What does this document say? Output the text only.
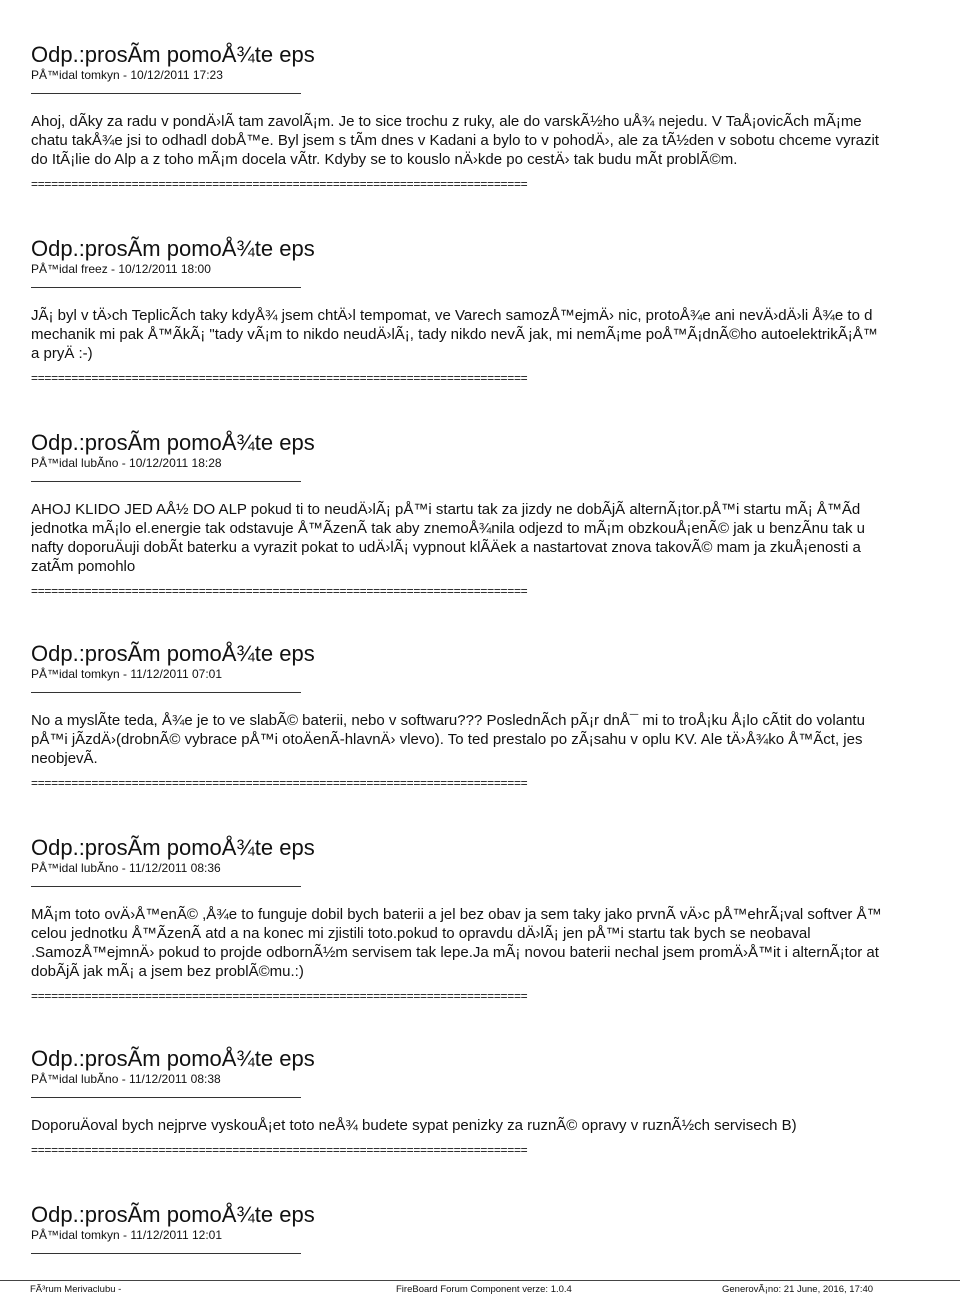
Odp.:prosÃm pomoÅ¾te eps
PÅ™idal tomkyn - 10/12/2011 17:23
Ahoj, dÃky za radu v pondÄ›lÃ tam zavolÃ¡m. Je to sice trochu z ruky, ale do varskÃ½ho uÅ¾ nejedu. V TaÅ¡ovicÃch mÃ¡me
chatu takÅ¾e jsi to odhadl dobÅ™e. Byl jsem s tÃm dnes v Kadani a bylo to v pohodÄ›, ale za tÃ½den v sobotu chceme vyrazit
do ItÃ¡lie do Alp a z toho mÃ¡m docela vÃtr. Kdyby se to kouslo nÄ›kde po cestÄ› tak budu mÃt problÃ©m.
==========================================================================
Odp.:prosÃm pomoÅ¾te eps
PÅ™idal freez - 10/12/2011 18:00
JÃ¡ byl v tÄ›ch TeplicÃch taky kdyÅ¾ jsem chtÄ›l tempomat, ve Varech samozÅ™ejmÄ› nic, protoÅ¾e ani nevÄ›dÄ›li Å¾e to d
mechanik mi pak Å™ÃkÃ¡ "tady vÃ¡m to nikdo neudÄ›lÃ¡, tady nikdo nevÃ jak, mi nemÃ¡me poÅ™Ã¡dnÃ©ho autoelektrikÃ¡Å™
a pryÄ :-)
==========================================================================
Odp.:prosÃm pomoÅ¾te eps
PÅ™idal lubÃno - 10/12/2011 18:28
AHOJ KLIDO JED AÅ½ DO ALP pokud ti to neudÄ›lÃ¡ pÅ™i startu tak za jizdy ne dobÃjÃ alternÃ¡tor.pÅ™i startu mÃ¡ Å™Ãd
jednotka mÃ¡lo el.energie tak odstavuje Å™ÃzenÃ tak aby znemoÅ¾nila odjezd to mÃ¡m obzkouÅ¡enÃ© jak u benzÃnu tak u
nafty doporuÄuji dobÃt baterku a vyrazit pokat to udÄ›lÃ¡ vypnout klÃÄek a nastartovat znova takovÃ© mam ja zkuÅ¡enosti a
zatÃm pomohlo
==========================================================================
Odp.:prosÃm pomoÅ¾te eps
PÅ™idal tomkyn - 11/12/2011 07:01
No a myslÃte teda, Å¾e je to ve slabÃ© baterii, nebo v softwaru??? PoslednÃch pÃ¡r dnÅ¯ mi to troÅ¡ku Å¡lo cÃtit do volantu
pÅ™i jÃzdÄ›(drobnÃ© vybrace pÅ™i otoÄenÃ-hlavnÄ› vlevo). To ted prestalo po zÃ¡sahu v oplu KV. Ale tÄ›Å¾ko Å™Ãct, jes
neobjevÃ.
==========================================================================
Odp.:prosÃm pomoÅ¾te eps
PÅ™idal lubÃno - 11/12/2011 08:36
MÃ¡m toto ovÄ›Å™enÃ© ,Å¾e to funguje dobil bych baterii a jel bez obav ja sem taky jako prvnÃ vÄ›c pÅ™ehrÃ¡val softver Å™
celou jednotku Å™ÃzenÃ atd a na konec mi zjistili toto.pokud to opravdu dÄ›lÃ¡ jen pÅ™i startu tak bych se neobaval
.SamozÅ™ejmnÄ› pokud to projde odbornÃ½m servisem tak lepe.Ja mÃ¡ novou baterii nechal jsem promÄ›Å™it i alternÃ¡tor at
dobÃjÃ jak mÃ¡ a jsem bez problÃ©mu.:)
==========================================================================
Odp.:prosÃm pomoÅ¾te eps
PÅ™idal lubÃno - 11/12/2011 08:38
DoporuÄoval bych nejprve vyskouÅ¡et toto neÅ¾ budete sypat penizky za ruznÃ© opravy v ruznÃ½ch servisech B)
==========================================================================
Odp.:prosÃm pomoÅ¾te eps
PÅ™idal tomkyn - 11/12/2011 12:01
FÃ³rum Merivaclubu -	FireBoard Forum Component verze: 1.0.4	GenerovÃ¡no: 21 June, 2016, 17:40
